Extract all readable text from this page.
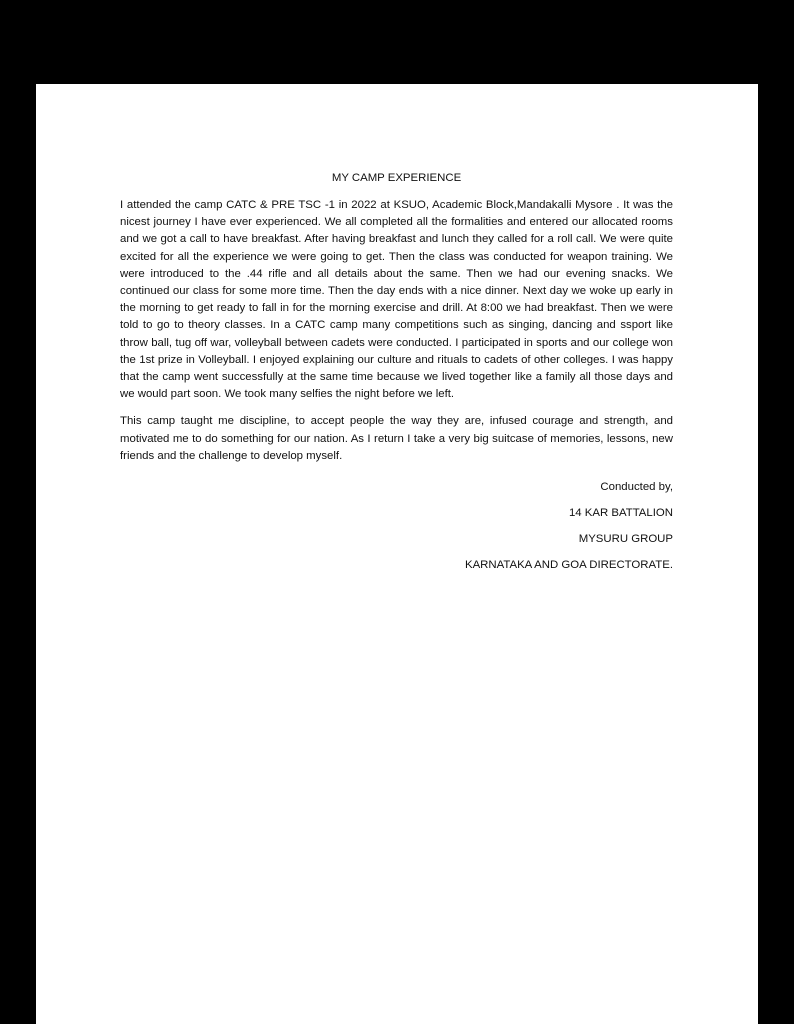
MY CAMP EXPERIENCE

I attended the camp CATC & PRE TSC -1 in 2022 at KSUO, Academic Block,Mandakalli Mysore . It was the nicest journey I have ever experienced. We all completed all the formalities and entered our allocated rooms and we got a call to have breakfast. After having breakfast and lunch they called for a roll call. We were quite excited for all the experience we were going to get. Then the class was conducted for weapon training. We were introduced to the .44 rifle and all details about the same. Then we had our evening snacks. We continued our class for some more time. Then the day ends with a nice dinner. Next day we woke up early in the morning to get ready to fall in for the morning exercise and drill. At 8:00 we had breakfast. Then we were told to go to theory classes. In a CATC camp many competitions such as singing, dancing and ssport like throw ball, tug off war, volleyball between cadets were conducted. I participated in sports and our college won the 1st prize in Volleyball. I enjoyed explaining our culture and rituals to cadets of other colleges. I was happy that the camp went successfully at the same time because we lived together like a family all those days and we would part soon. We took many selfies the night before we left.

This camp taught me discipline, to accept people the way they are, infused courage and strength, and motivated me to do something for our nation. As I return I take a very big suitcase of memories, lessons, new friends and the challenge to develop myself.

Conducted by,
14 KAR BATTALION
MYSURU GROUP
KARNATAKA AND GOA DIRECTORATE.
